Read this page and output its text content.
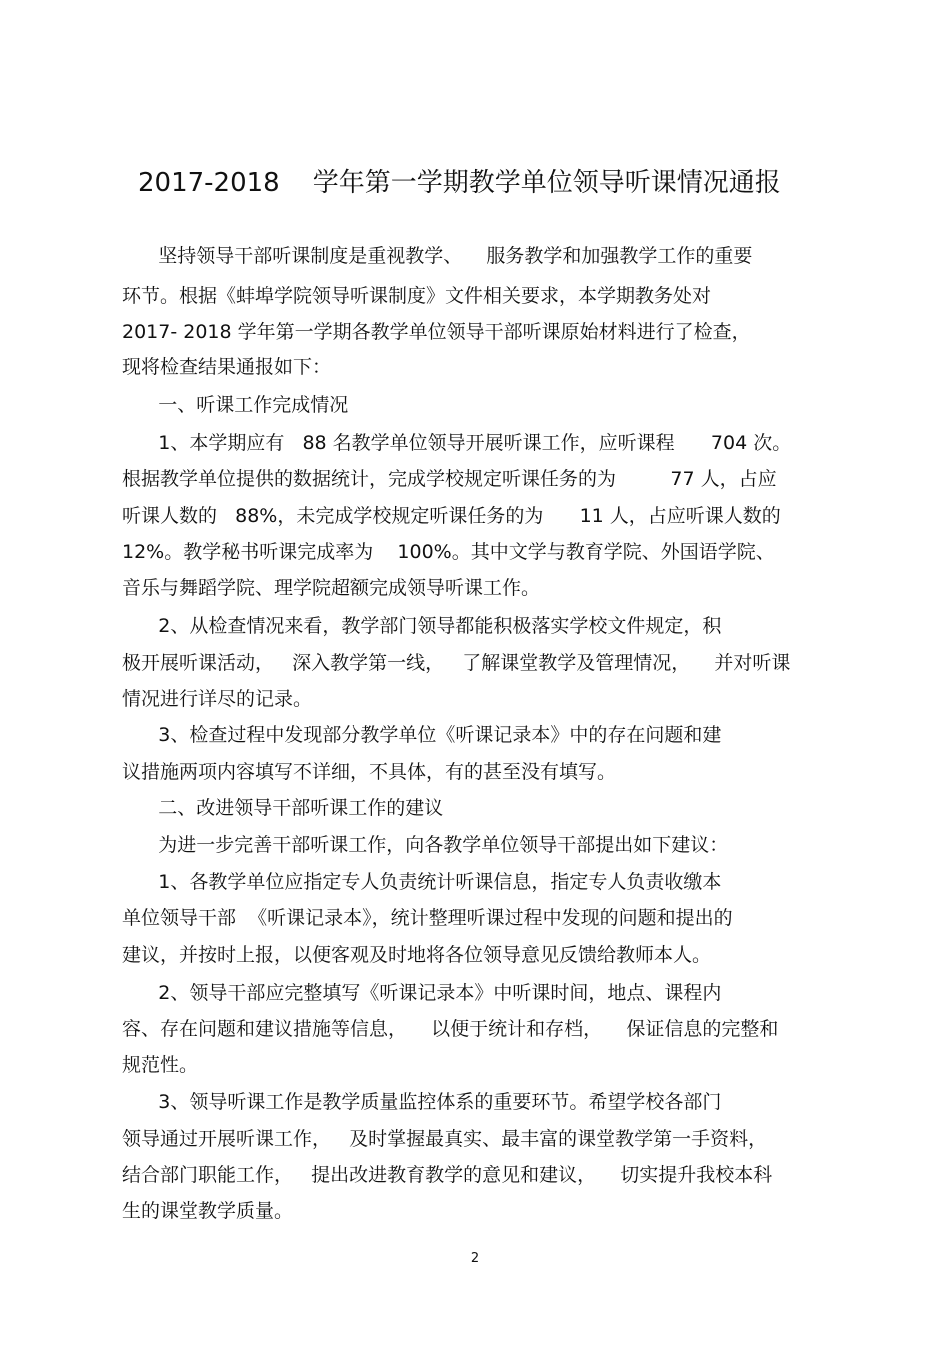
2017-2018    学年第一学期教学单位领导听课情况通报
坚持领导干部听课制度是重视教学、    服务教学和加强教学工作的重要
环节。根据《蚌埠学院领导听课制度》文件相关要求，本学期教务处对
2017- 2018 学年第一学期各教学单位领导干部听课原始材料进行了检查，
现将检查结果通报如下：
一、听课工作完成情况
1、本学期应有   88 名教学单位领导开展听课工作，应听课程      704 次。
根据教学单位提供的数据统计，完成学校规定听课任务的为         77 人，占应
听课人数的   88%，未完成学校规定听课任务的为      11 人，占应听课人数的
12%。教学秘书听课完成率为    100%。其中文学与教育学院、外国语学院、
音乐与舞蹈学院、理学院超额完成领导听课工作。
2、从检查情况来看，教学部门领导都能积极落实学校文件规定，积
极开展听课活动，   深入教学第一线，   了解课堂教学及管理情况，    并对听课
情况进行详尽的记录。
3、检查过程中发现部分教学单位《听课记录本》中的存在问题和建
议措施两项内容填写不详细，不具体，有的甚至没有填写。
二、改进领导干部听课工作的建议
为进一步完善干部听课工作，向各教学单位领导干部提出如下建议：
1、各教学单位应指定专人负责统计听课信息，指定专人负责收缴本
单位领导干部  《听课记录本》，统计整理听课过程中发现的问题和提出的
建议，并按时上报，以便客观及时地将各位领导意见反馈给教师本人。
2、领导干部应完整填写《听课记录本》中听课时间，地点、课程内
容、存在问题和建议措施等信息，    以便于统计和存档，    保证信息的完整和
规范性。
3、领导听课工作是教学质量监控体系的重要环节。希望学校各部门
领导通过开展听课工作，   及时掌握最真实、最丰富的课堂教学第一手资料，
结合部门职能工作，   提出改进教育教学的意见和建议，    切实提升我校本科
生的课堂教学质量。
2
